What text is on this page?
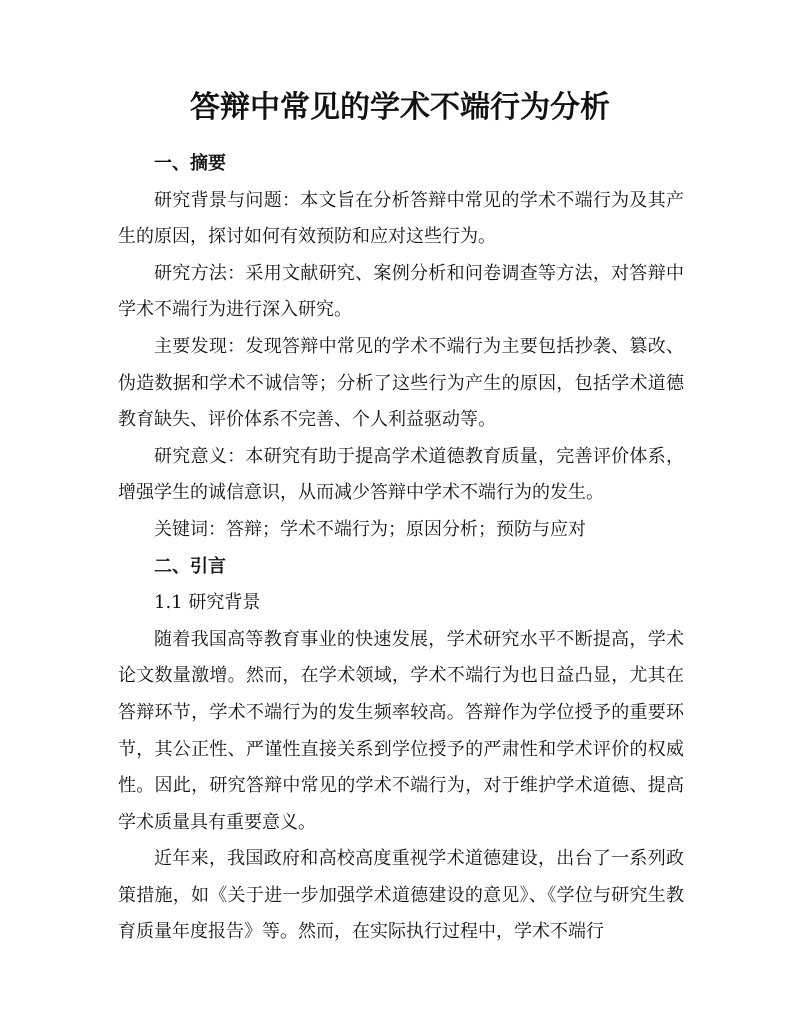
答辩中常见的学术不端行为分析

一、摘要

研究背景与问题：本文旨在分析答辩中常见的学术不端行为及其产生的原因，探讨如何有效预防和应对这些行为。

研究方法：采用文献研究、案例分析和问卷调查等方法，对答辩中学术不端行为进行深入研究。

主要发现：发现答辩中常见的学术不端行为主要包括抄袭、篡改、伪造数据和学术不诚信等；分析了这些行为产生的原因，包括学术道德教育缺失、评价体系不完善、个人利益驱动等。

研究意义：本研究有助于提高学术道德教育质量，完善评价体系，增强学生的诚信意识，从而减少答辩中学术不端行为的发生。

关键词：答辩；学术不端行为；原因分析；预防与应对

二、引言

1.1 研究背景

随着我国高等教育事业的快速发展，学术研究水平不断提高，学术论文数量激增。然而，在学术领域，学术不端行为也日益凸显，尤其在答辩环节，学术不端行为的发生频率较高。答辩作为学位授予的重要环节，其公正性、严谨性直接关系到学位授予的严肃性和学术评价的权威性。因此，研究答辩中常见的学术不端行为，对于维护学术道德、提高学术质量具有重要意义。

近年来，我国政府和高校高度重视学术道德建设，出台了一系列政策措施，如《关于进一步加强学术道德建设的意见》、《学位与研究生教育质量年度报告》等。然而，在实际执行过程中，学术不端行
